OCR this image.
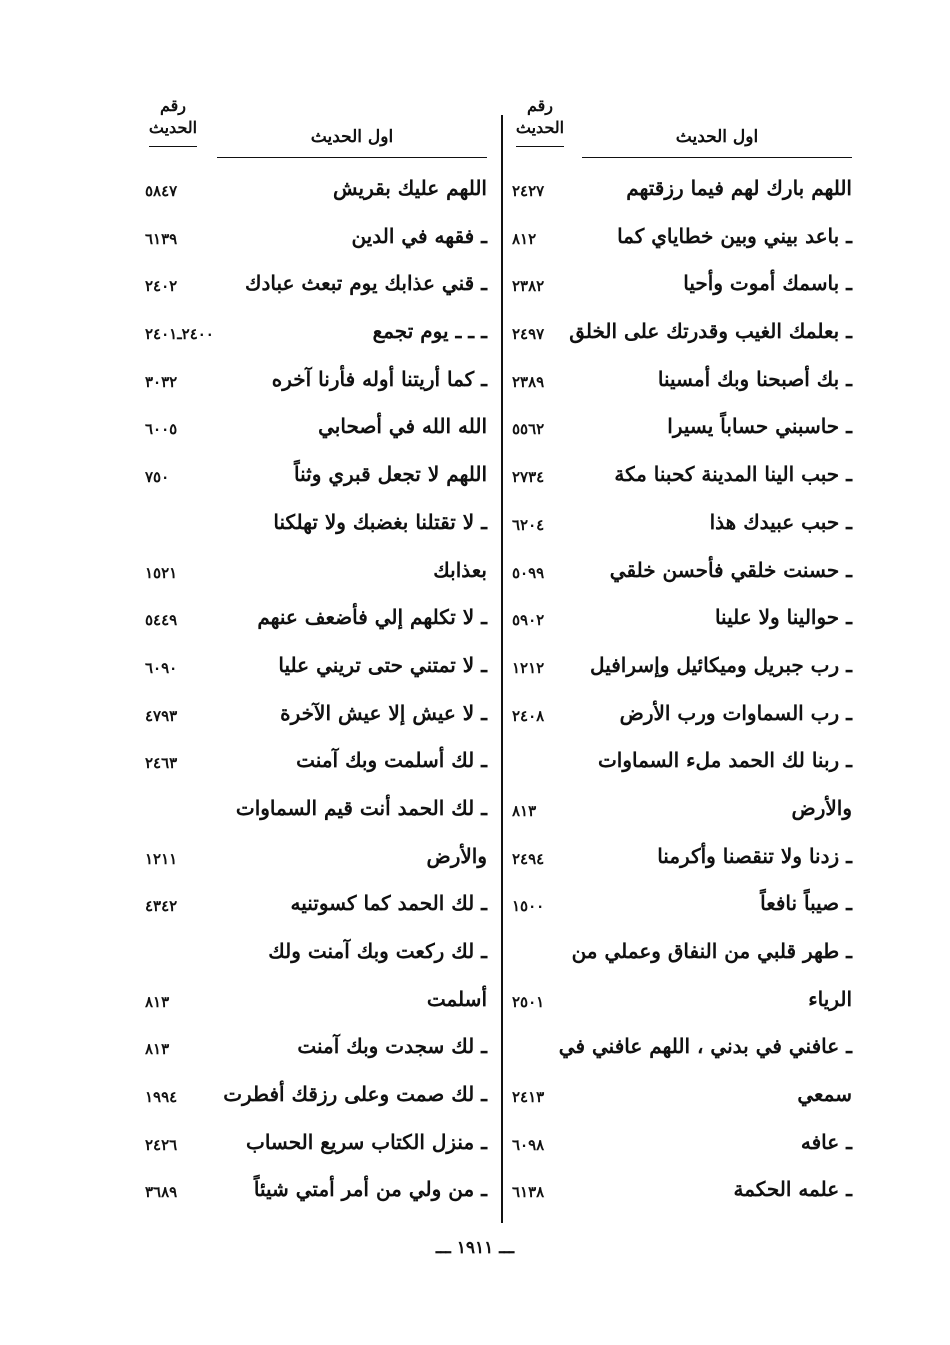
رقم
الحديث	اول الحديث
اللهم بارك لهم فيما رزقتهم
٢٤٢٧
ـ باعد بيني وبين خطاياي كما
٨١٢
ـ باسمك أموت وأحيا
٢٣٨٢
ـ بعلمك الغيب وقدرتك على الخلق
٢٤٩٧
ـ بك أصبحنا وبك أمسينا
٢٣٨٩
ـ حاسبني حساباً يسيرا
٥٥٦٢
ـ حبب الينا المدينة كحبنا مكة
٢٧٣٤
ـ حبب عبيدك هذا
٦٢٠٤
ـ حسنت خلقي فأحسن خلقي
٥٠٩٩
ـ حوالينا ولا علينا
٥٩٠٢
ـ رب جبريل وميكائيل وإسرافيل
١٢١٢
ـ رب السماوات ورب الأرض
٢٤٠٨
ـ ربنا لك الحمد ملء السماوات
والأرض
٨١٣
ـ زدنا ولا تنقصنا وأكرمنا
٢٤٩٤
ـ صيباً نافعاً
١٥٠٠
ـ طهر قلبي من النفاق وعملي من
الرياء
٢٥٠١
ـ عافني في بدني ، اللهم عافني في
سمعي
٢٤١٣
ـ عافه
٦٠٩٨
ـ علمه الحكمة
٦١٣٨
رقم
الحديث	اول الحديث
اللهم عليك بقريش
٥٨٤٧
ـ فقهه في الدين
٦١٣٩
ـ قني عذابك يوم تبعث عبادك
٢٤٠٢
ـ ـ ـ يوم تجمع
٢٤٠٠ـ٢٤٠١
ـ كما أريتنا أوله فأرنا آخره
٣٠٣٢
الله الله في أصحابي
٦٠٠٥
اللهم لا تجعل قبري وثناً
٧٥٠
ـ لا تقتلنا بغضبك ولا تهلكنا
بعذابك
١٥٢١
ـ لا تكلهم إلي فأضعف عنهم
٥٤٤٩
ـ لا تمتني حتى تريني عليا
٦٠٩٠
ـ لا عيش إلا عيش الآخرة
٤٧٩٣
ـ لك أسلمت وبك آمنت
٢٤٦٣
ـ لك الحمد أنت قيم السماوات
والأرض
١٢١١
ـ لك الحمد كما كسوتنيه
٤٣٤٢
ـ لك ركعت وبك آمنت ولك
أسلمت
٨١٣
ـ لك سجدت وبك آمنت
٨١٣
ـ لك صمت وعلى رزقك أفطرت
١٩٩٤
ـ منزل الكتاب سريع الحساب
٢٤٢٦
ـ من ولي من أمر أمتي شيئاً
٣٦٨٩
ـــ ١٩١١ ـــ
